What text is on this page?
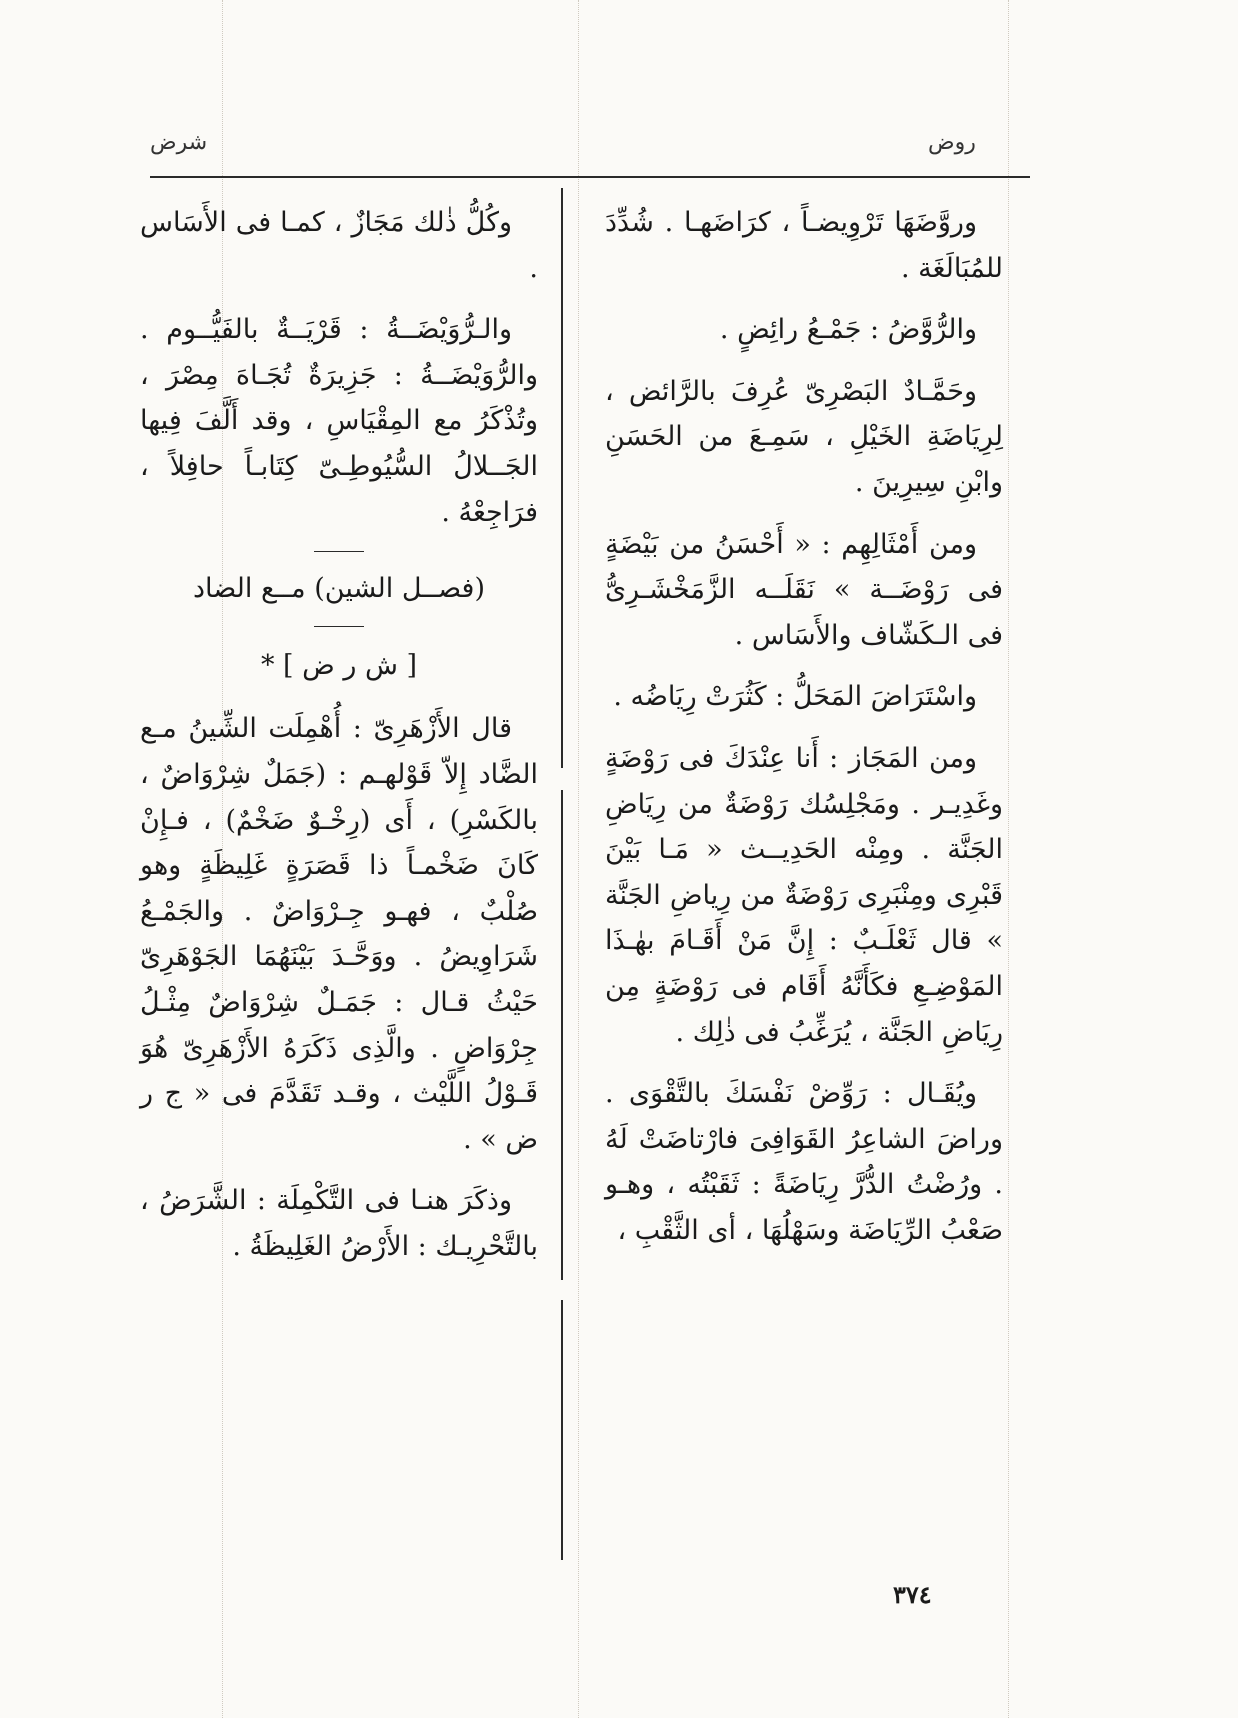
روض
شرض

وروَّضَهَا تَرْوِيضـاً ، كرَاضَهـا . شُدِّدَ للمُبَالَغَة .

والرُّوَّضُ : جَمْـعُ رائِضٍ .

وحَمَّـادٌ البَصْرِىّ عُرِفَ بالرَّائض ، لِرِيَاضَةِ الخَيْلِ ، سَمِـعَ من الحَسَنِ وابْنِ سِيرِينَ .

ومن أَمْثَالِهِم : « أَحْسَنُ من بَيْضَةٍ فى رَوْضَــة » نَقَلَــه الزَّمَخْشَـرِىُّ فى الـكَشّاف والأَسَاس .

واسْتَرَاضَ المَحَلُّ : كَثُرَتْ رِيَاضُه .

ومن المَجَاز : أَنا عِنْدَكَ فى رَوْضَةٍ وغَدِيـر . ومَجْلِسُك رَوْضَةٌ من رِيَاضِ الجَنَّة . ومِنْه الحَدِيــث « مَـا بَيْنَ قَبْرِى ومِنْبَرِى رَوْضَةٌ من رِياضِ الجَنَّة » قال ثَعْلَـبٌ : إِنَّ مَنْ أَقَـامَ بهٰـذَا المَوْضِـعِ فكَأَنَّهُ أَقَام فى رَوْضَةٍ مِن رِيَاضِ الجَنَّة ، يُرَغِّبُ فى ذٰلِك .

ويُقَـال : رَوِّضْ نَفْسَكَ بالتَّقْوَى . وراضَ الشاعِرُ القَوَافِىَ فارْتاضَتْ لَهُ . ورُضْتُ الدُّرَّ رِيَاضَةً : ثَقَبْتُه ، وهـو صَعْبُ الرِّيَاضَة وسَهْلُهَا ، أى الثَّقْبِ ،

وكُلُّ ذٰلك مَجَازٌ ، كمـا فى الأَسَاس .

والـرُّوَيْضَــةُ : قَرْيَــةٌ بالفَيُّــوم . والرُّوَيْضَــةُ : جَزِيرَةٌ تُجَـاهَ مِصْرَ ، وتُذْكَرُ مع المِقْيَاسِ ، وقد أَلَّفَ فِيها الجَــلالُ السُّيُوطِـىّ كِتَابـاً حافِلاً ، فرَاجِعْهُ .

(فصــل الشين) مــع الضاد
[ ش ر ض ] *

قال الأَزْهَرِىّ : أُهْمِلَت الشِّينُ مـع الضَّاد إِلاّ قَوْلهـم : (جَمَلٌ شِرْوَاضٌ ، بالكَسْرِ) ، أَى (رِخْـوٌ ضَخْمٌ) ، فـإِنْ كَانَ ضَخْمـاً ذا قَصَرَةٍ غَلِيظَةٍ وهو صُلْبٌ ، فهـو جِـرْوَاضٌ . والجَمْـعُ شَرَاوِيضُ . ووَحَّـدَ بَيْنَهُمَا الجَوْهَرِىّ حَيْثُ قـال : جَمَـلٌ شِرْوَاضٌ مِثْـلُ جِرْوَاضٍ . والَّذِى ذَكَرَهُ الأَزْهَرِىّ هُوَ قَـوْلُ اللَّيْث ، وقـد تَقَدَّمَ فى « ج ر ض » .

وذكَرَ هنـا فى التَّكْمِلَة : الشَّرَضُ ، بالتَّحْرِيـك : الأَرْضُ الغَلِيظَةُ .

٣٧٤
